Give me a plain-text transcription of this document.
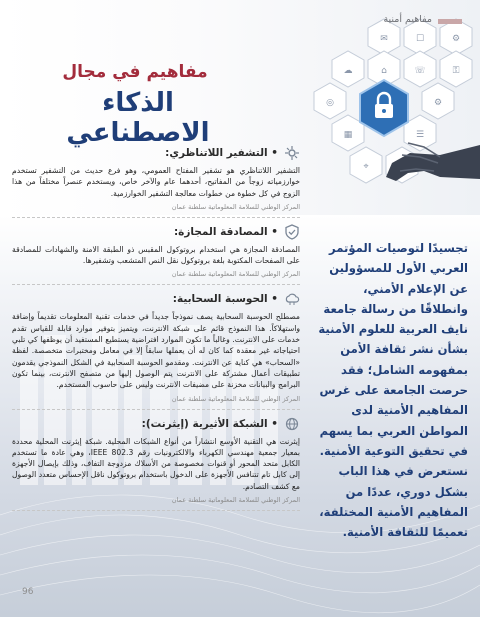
✉	☐	⚙
☁	⌂	☏	⚿
◎	⚙
▦	☰
⌖
مفاهيم أمنية
مفاهيم في مجال
الذكاء الاصطناعي
• التشفير اللاتناظري:

التشفير اللاتناظري هو تشفير المفتاح العمومي، وهو فرع حديث من التشفير تستخدم خوارزمياته زوجاً من المفاتيح، أحدهما عام والآخر خاص، ويستخدم عنصراً مختلفاً من هذا الزوج في كل خطوة من خطوات معالجة التشفير الخوارزمية.

المركز الوطني للسلامة المعلوماتية سلطنة عمان
• المصادقة المجازة:

المصادقة المجازة هي استخدام بروتوكول المقبس ذو الطبقة الامنة والشهادات للمصادقة على الصفحات المكتوبة بلغة بروتوكول نقل النص المتشعب وتشفيرها.

المركز الوطني للسلامة المعلوماتية سلطنة عمان
• الحوسبة السحابية:

مصطلح الحوسبة السحابية يصف نموذجاً جديداً في خدمات تقنية المعلومات تقديماً وإضافة واستهلاكاً. هذا النموذج قائم على شبكة الانترنت، ويتميز بتوفير موارد قابلة للقياس تقدم خدمات على الانترنت. وغالباً ما تكون الموارد افتراضية يستطيع المستفيد أن يوظفها كي تلبي احتياجاته غير معقدة كما كان له أن يعملها سابقاً إلا في معامل ومختبرات متخصصة. لفظة «السحاب» هي كناية عن الانترنت. ومقدمو الحوسبة السحابية في الشكل النموذجي يقدمون تطبيقات أعمال مشتركة على الانترنت يتم الوصول إليها من متصفح الانترنت، بينما تكون البرامج والبيانات مخزنة على مضيفات الانترنت وليس على حاسوب المستخدم.

المركز الوطني للسلامة المعلوماتية سلطنة عمان
• الشبكة الأثيرية (إيثرنت):

إيثرنت هي التقنية الأوسع انتشاراً من أنواع الشبكات المحلية. شبكة إيثرنت المحلية محددة بمعيار جمعية مهندسي الكهرباء والالكترونيات رقم IEEE 802.3، وهي عادة ما تستخدم الكابل متحد المحور أو قنوات مخصوصة من الأسلاك مزدوجة التفاف، وذلك بإيصال الأجهزة إلى كابل تام تتنافس الأجهزة على الدخول باستخدام بروتوكول ناقل الإحساس متعدد الوصول مع كشف التصادم.

المركز الوطني للسلامة المعلوماتية سلطنة عمان
تجسيدًا لتوصيات المؤتمر العربي الأول للمسؤولين عن الإعلام الأمني، وانطلاقًا من رسالة جامعة نايف العربية للعلوم الأمنية بشأن نشر ثقافة الأمن بمفهومه الشامل؛ فقد حرصت الجامعة على غرس المفاهيم الأمنية لدى المواطن العربي بما يسهم في تحقيق التوعية الأمنية. نستعرض في هذا الباب بشكل دوري، عددًا من المفاهيم الأمنية المختلفة، تعميمًا للثقافة الأمنية.
96
